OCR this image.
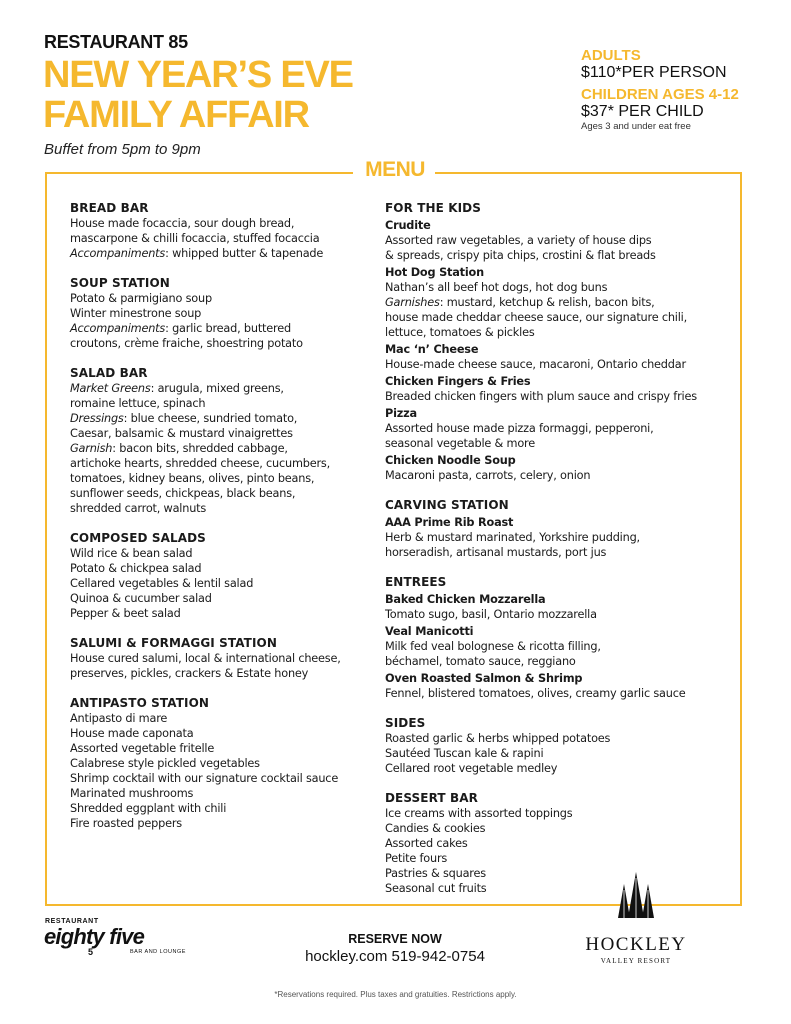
RESTAURANT 85
NEW YEAR’S EVE
FAMILY AFFAIR
Buffet from 5pm to 9pm
ADULTS
$110*PER PERSON
CHILDREN AGES 4-12
$37* PER CHILD
Ages 3 and under eat free
MENU
BREAD BAR
House made focaccia, sour dough bread,
mascarpone & chilli focaccia, stuffed focaccia
Accompaniments: whipped butter & tapenade
SOUP STATION
Potato & parmigiano soup
Winter minestrone soup
Accompaniments: garlic bread, buttered
croutons, crème fraiche, shoestring potato
SALAD BAR
Market Greens: arugula, mixed greens,
romaine lettuce, spinach
Dressings: blue cheese, sundried tomato,
Caesar, balsamic & mustard vinaigrettes
Garnish: bacon bits, shredded cabbage,
artichoke hearts, shredded cheese, cucumbers,
tomatoes, kidney beans, olives, pinto beans,
sunflower seeds, chickpeas, black beans,
shredded carrot, walnuts
COMPOSED SALADS
Wild rice & bean salad
Potato & chickpea salad
Cellared vegetables & lentil salad
Quinoa & cucumber salad
Pepper & beet salad
SALUMI & FORMAGGI STATION
House cured salumi, local & international cheese,
preserves, pickles, crackers & Estate honey
ANTIPASTO STATION
Antipasto di mare
House made caponata
Assorted vegetable fritelle
Calabrese style pickled vegetables
Shrimp cocktail with our signature cocktail sauce
Marinated mushrooms
Shredded eggplant with chili
Fire roasted peppers
FOR THE KIDS
Crudite
Assorted raw vegetables, a variety of house dips
& spreads, crispy pita chips, crostini & flat breads
Hot Dog Station
Nathan’s all beef hot dogs, hot dog buns
Garnishes: mustard, ketchup & relish, bacon bits,
house made cheddar cheese sauce, our signature chili,
lettuce, tomatoes & pickles
Mac ‘n’ Cheese
House-made cheese sauce, macaroni, Ontario cheddar
Chicken Fingers & Fries
Breaded chicken fingers with plum sauce and crispy fries
Pizza
Assorted house made pizza formaggi, pepperoni,
seasonal vegetable & more
Chicken Noodle Soup
Macaroni pasta, carrots, celery, onion
CARVING STATION
AAA Prime Rib Roast
Herb & mustard marinated, Yorkshire pudding,
horseradish, artisanal mustards, port jus
ENTREES
Baked Chicken Mozzarella
Tomato sugo, basil, Ontario mozzarella
Veal Manicotti
Milk fed veal bolognese & ricotta filling,
béchamel, tomato sauce, reggiano
Oven Roasted Salmon & Shrimp
Fennel, blistered tomatoes, olives, creamy garlic sauce
SIDES
Roasted garlic & herbs whipped potatoes
Sautéed Tuscan kale & rapini
Cellared root vegetable medley
DESSERT BAR
Ice creams with assorted toppings
Candies & cookies
Assorted cakes
Petite fours
Pastries & squares
Seasonal cut fruits
RESTAURANT
eighty five
5	BAR AND LOUNGE
RESERVE NOW
hockley.com 519-942-0754
HOCKLEY
VALLEY RESORT
*Reservations required. Plus taxes and gratuities. Restrictions apply.
